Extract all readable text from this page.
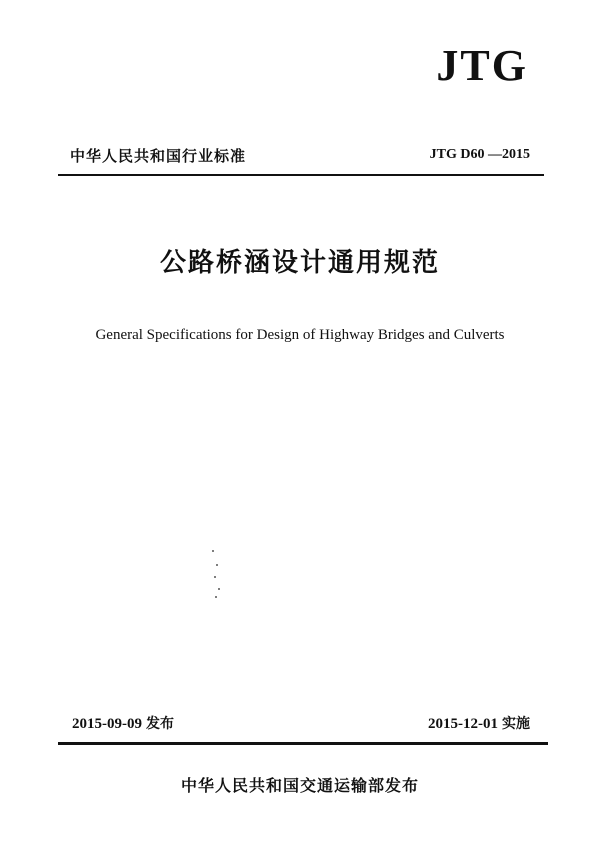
JTG
中华人民共和国行业标准	JTG D60 —2015
公路桥涵设计通用规范
General Specifications for Design of Highway Bridges and Culverts
2015-09-09 发布	2015-12-01 实施
中华人民共和国交通运输部发布
